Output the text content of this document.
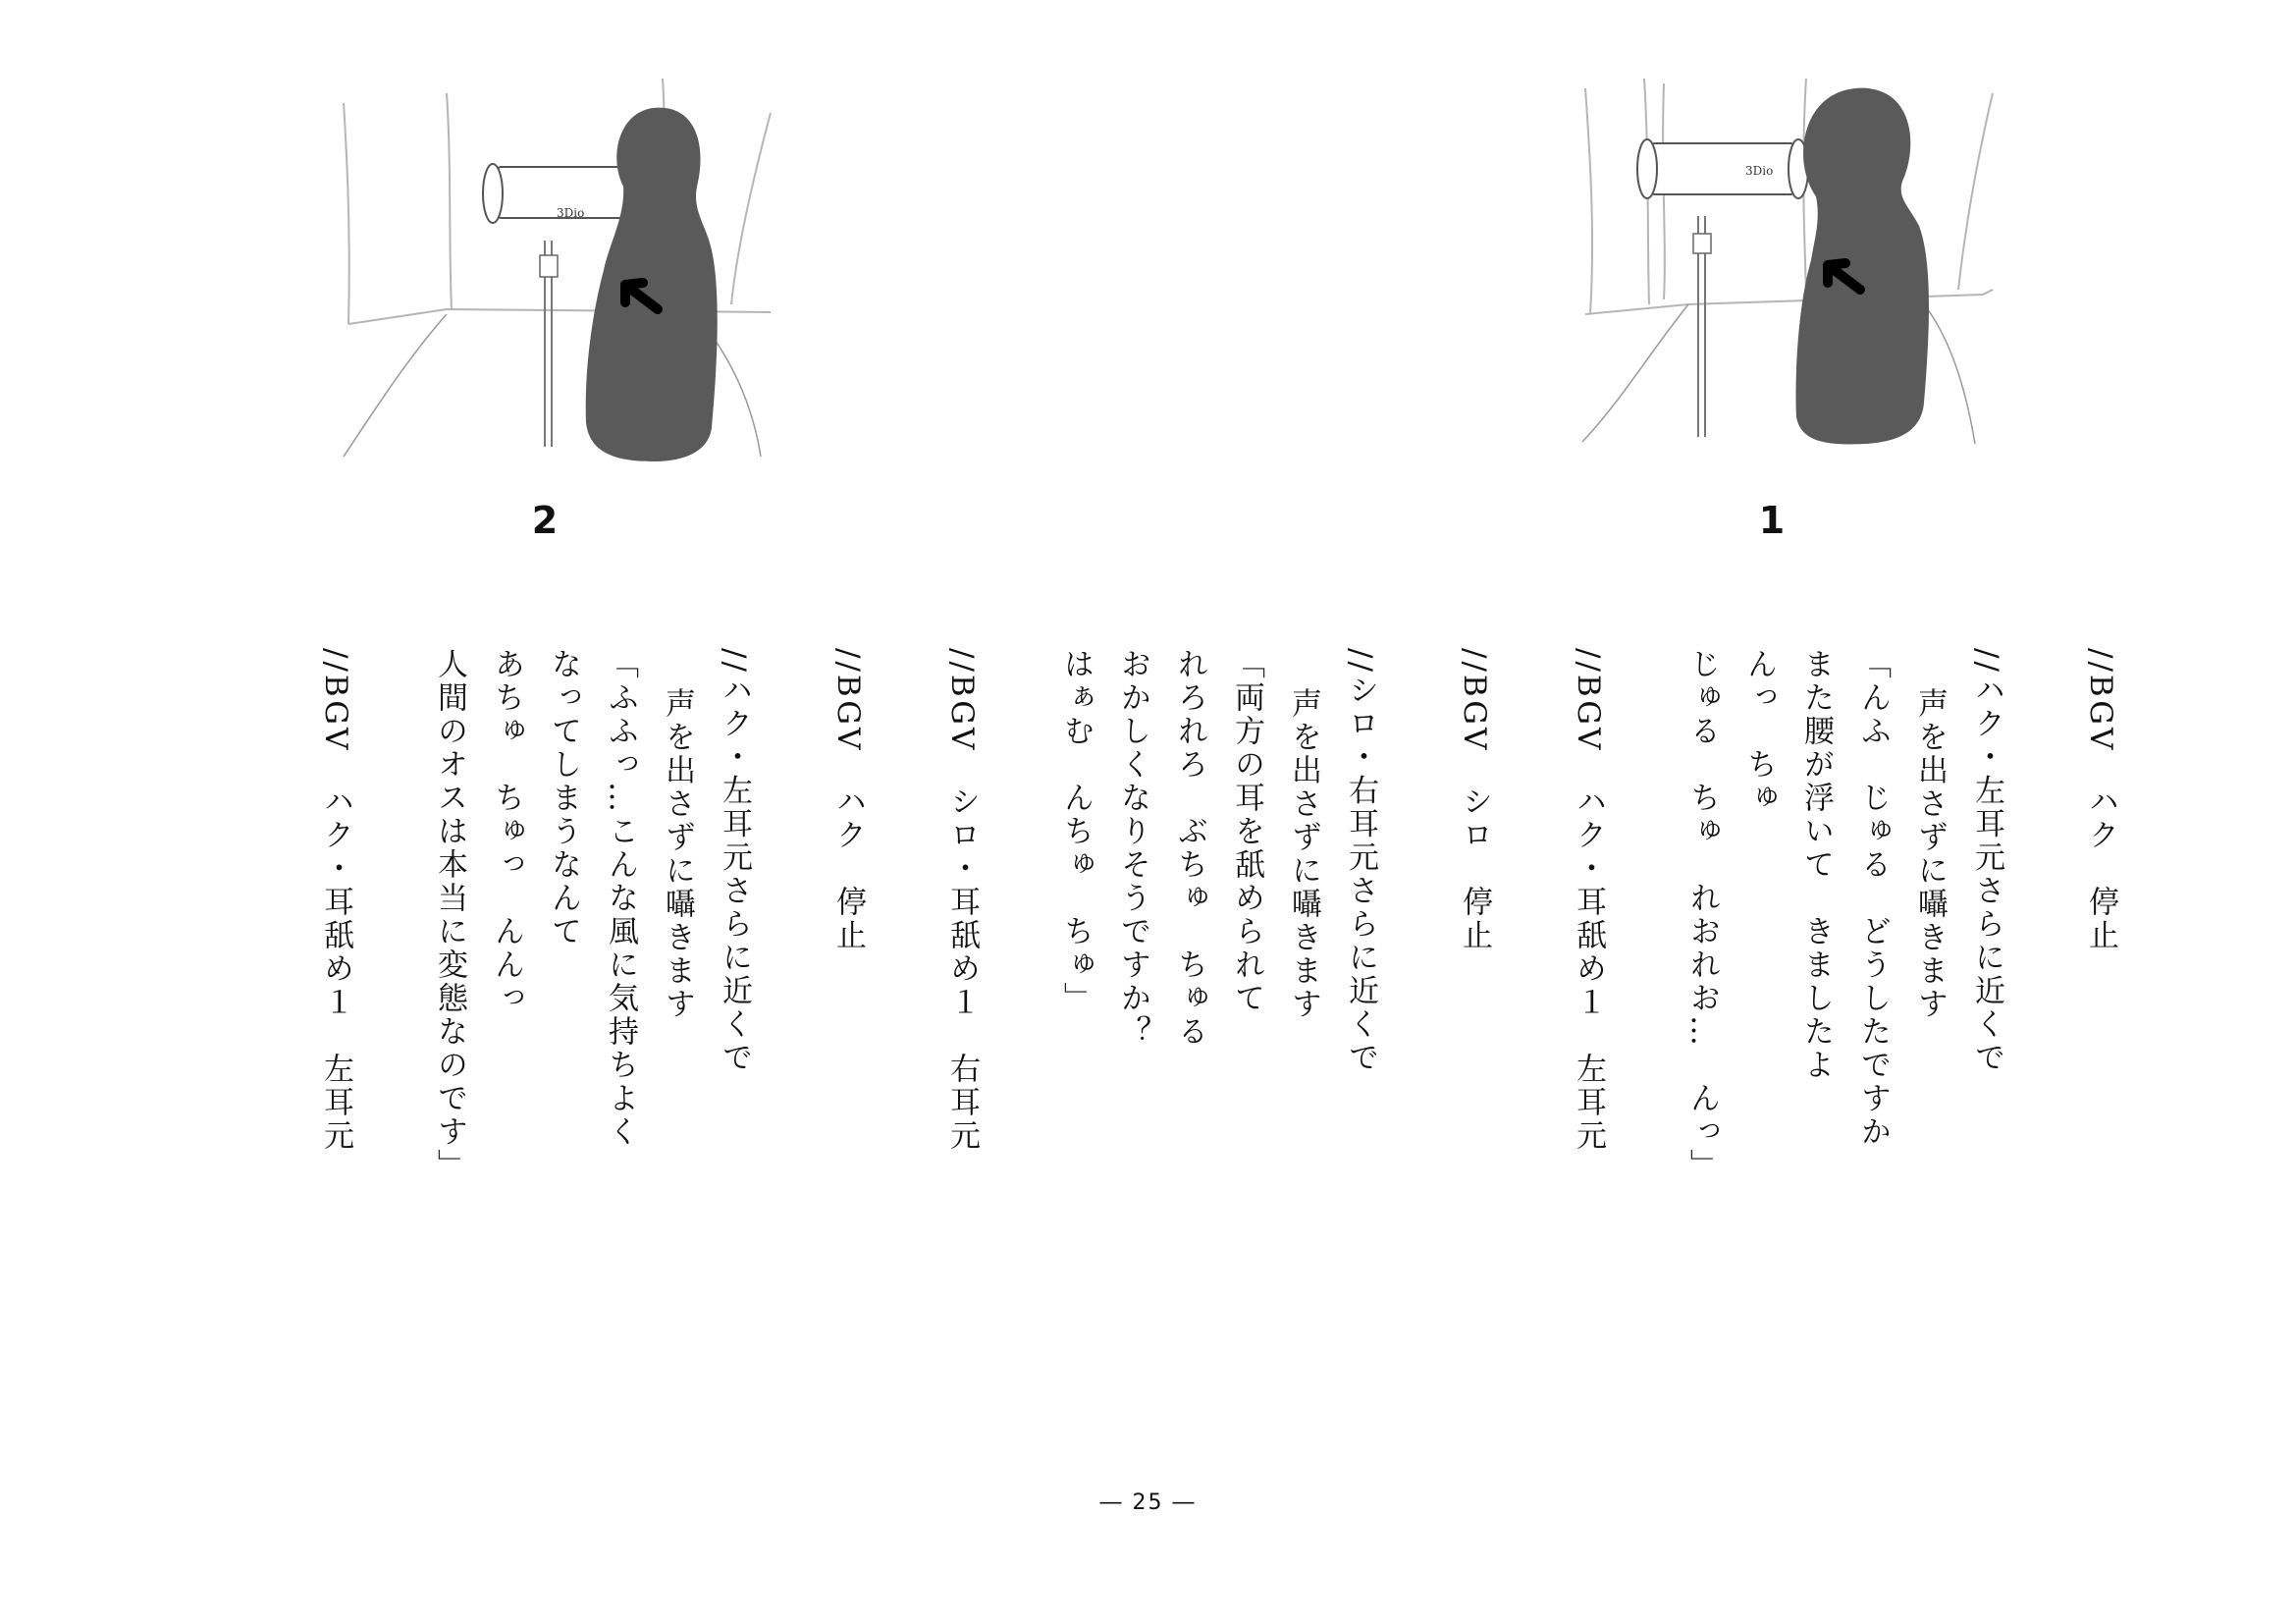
3Dio
3Dio
1
2
//BGV　ハク　停止
//ハク・左耳元さらに近くで
声を出さずに囁きます
「んふ　じゅる　どうしたですか
また腰が浮いて　きましたよ
んっ　ちゅ
じゅる　ちゅ　れおれお…　んっ」
//BGV　ハク・耳舐め１　左耳元
//BGV　シロ　停止
//シロ・右耳元さらに近くで
声を出さずに囁きます
「両方の耳を舐められて
れろれろ　ぶちゅ　ちゅる
おかしくなりそうですか？
はぁむ　んちゅ　ちゅ」
//BGV　シロ・耳舐め１　右耳元
//BGV　ハク　停止
//ハク・左耳元さらに近くで
声を出さずに囁きます
「ふふっ…こんな風に気持ちよく
なってしまうなんて
あちゅ　ちゅっ　んんっ
人間のオスは本当に変態なのです」
//BGV　ハク・耳舐め１　左耳元
― 25 ―
